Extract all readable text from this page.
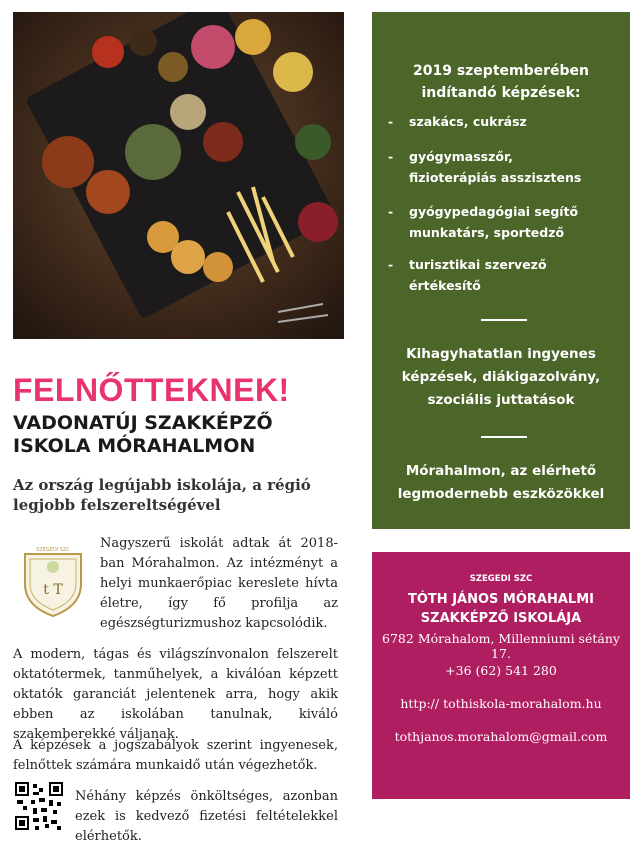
FELNŐTTEKNEK!
VADONATÚJ SZAKKÉPZŐ
ISKOLA MÓRAHALMON

Az ország legújabb iskolája, a régió legjobb felszereltségével

t T
SZEGEDI SZC Nagyszerű iskolát adtak át 2018-ban Mórahalmon. Az intézményt a helyi munkaerőpiac kereslete hívta életre, így fő profilja az egészségturizmushoz kapcsolódik.

A modern, tágas és világszínvonalon felszerelt oktatótermek, tanműhelyek, a kiválóan képzett oktatók garanciát jelentenek arra, hogy akik ebben az iskolában tanulnak, kiváló szakemberekké váljanak.

A képzések a jogszabályok szerint ingyenesek, felnőttek számára munkaidő után végezhetők.

Néhány képzés önköltséges, azonban ezek is kedvező fizetési feltételekkel elérhetők.

2019 szeptemberében
indítandó képzések:
- szakács, cukrász
- gyógymasszőr,
fizioterápiás asszisztens
- gyógypedagógiai segítő
munkatárs, sportedző
- turisztikai szervező
értékesítő
Kihagyhatatlan ingyenes
képzések, diákigazolvány,
szociális juttatások
Mórahalmon, az elérhető
legmodernebb eszközökkel
SZEGEDI SZC
TÓTH JÁNOS MÓRAHALMI
SZAKKÉPZŐ ISKOLÁJA
6782 Mórahalom, Millenniumi sétány 17.
+36 (62) 541 280
http:// tothiskola-morahalom.hu
tothjanos.morahalom@gmail.com
